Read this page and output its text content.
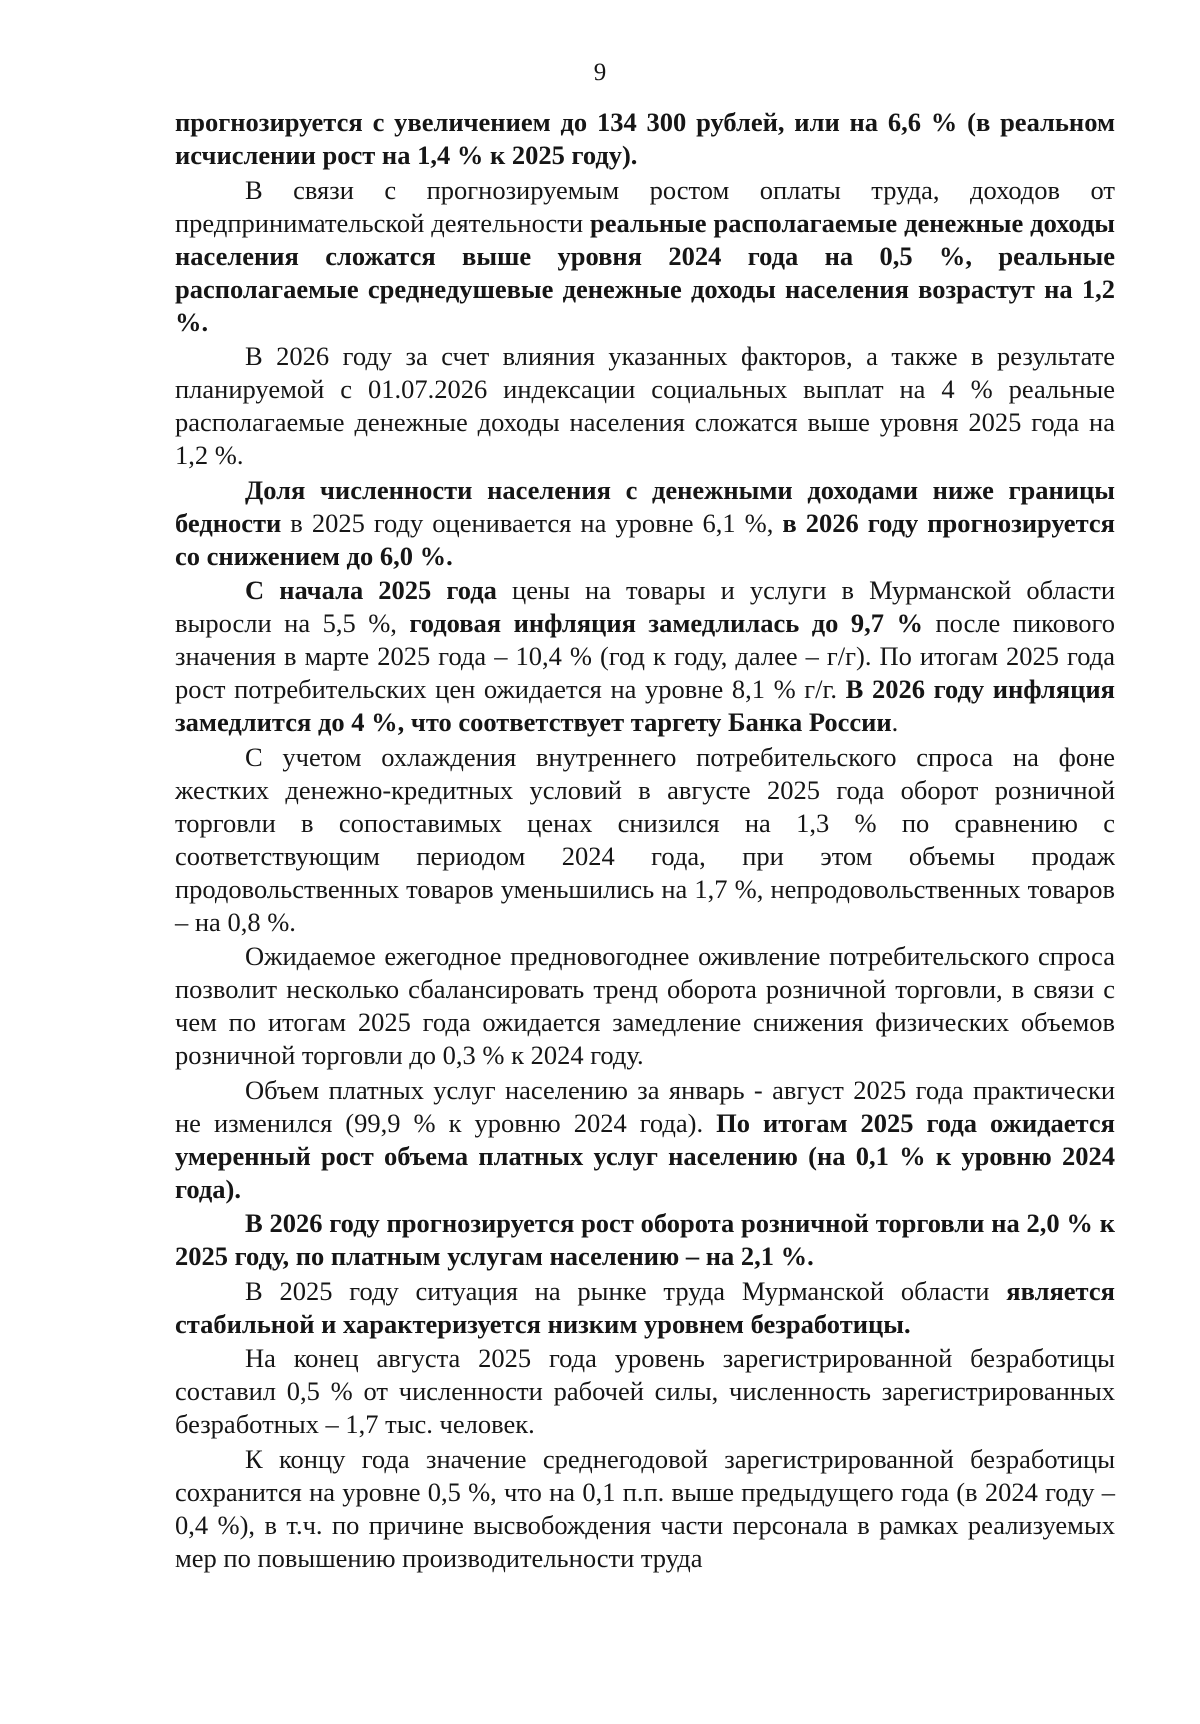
9

прогнозируется с увеличением до 134 300 рублей, или на 6,6 % (в реальном исчислении рост на 1,4 % к 2025 году).

В связи с прогнозируемым ростом оплаты труда, доходов от предпринимательской деятельности реальные располагаемые денежные доходы населения сложатся выше уровня 2024 года на 0,5 %, реальные располагаемые среднедушевые денежные доходы населения возрастут на 1,2 %.

В 2026 году за счет влияния указанных факторов, а также в результате планируемой с 01.07.2026 индексации социальных выплат на 4 % реальные располагаемые денежные доходы населения сложатся выше уровня 2025 года на 1,2 %.

Доля численности населения с денежными доходами ниже границы бедности в 2025 году оценивается на уровне 6,1 %, в 2026 году прогнозируется со снижением до 6,0 %.

С начала 2025 года цены на товары и услуги в Мурманской области выросли на 5,5 %, годовая инфляция замедлилась до 9,7 % после пикового значения в марте 2025 года – 10,4 % (год к году, далее – г/г). По итогам 2025 года рост потребительских цен ожидается на уровне 8,1 % г/г. В 2026 году инфляция замедлится до 4 %, что соответствует таргету Банка России.

С учетом охлаждения внутреннего потребительского спроса на фоне жестких денежно-кредитных условий в августе 2025 года оборот розничной торговли в сопоставимых ценах снизился на 1,3 % по сравнению с соответствующим периодом 2024 года, при этом объемы продаж продовольственных товаров уменьшились на 1,7 %, непродовольственных товаров – на 0,8 %.

Ожидаемое ежегодное предновогоднее оживление потребительского спроса позволит несколько сбалансировать тренд оборота розничной торговли, в связи с чем по итогам 2025 года ожидается замедление снижения физических объемов розничной торговли до 0,3 % к 2024 году.

Объем платных услуг населению за январь - август 2025 года практически не изменился (99,9 % к уровню 2024 года). По итогам 2025 года ожидается умеренный рост объема платных услуг населению (на 0,1 % к уровню 2024 года).

В 2026 году прогнозируется рост оборота розничной торговли на 2,0 % к 2025 году, по платным услугам населению – на 2,1 %.

В 2025 году ситуация на рынке труда Мурманской области является стабильной и характеризуется низким уровнем безработицы.

На конец августа 2025 года уровень зарегистрированной безработицы составил 0,5 % от численности рабочей силы, численность зарегистрированных безработных – 1,7 тыс. человек.

К концу года значение среднегодовой зарегистрированной безработицы сохранится на уровне 0,5 %, что на 0,1 п.п. выше предыдущего года (в 2024 году – 0,4 %), в т.ч. по причине высвобождения части персонала в рамках реализуемых мер по повышению производительности труда
